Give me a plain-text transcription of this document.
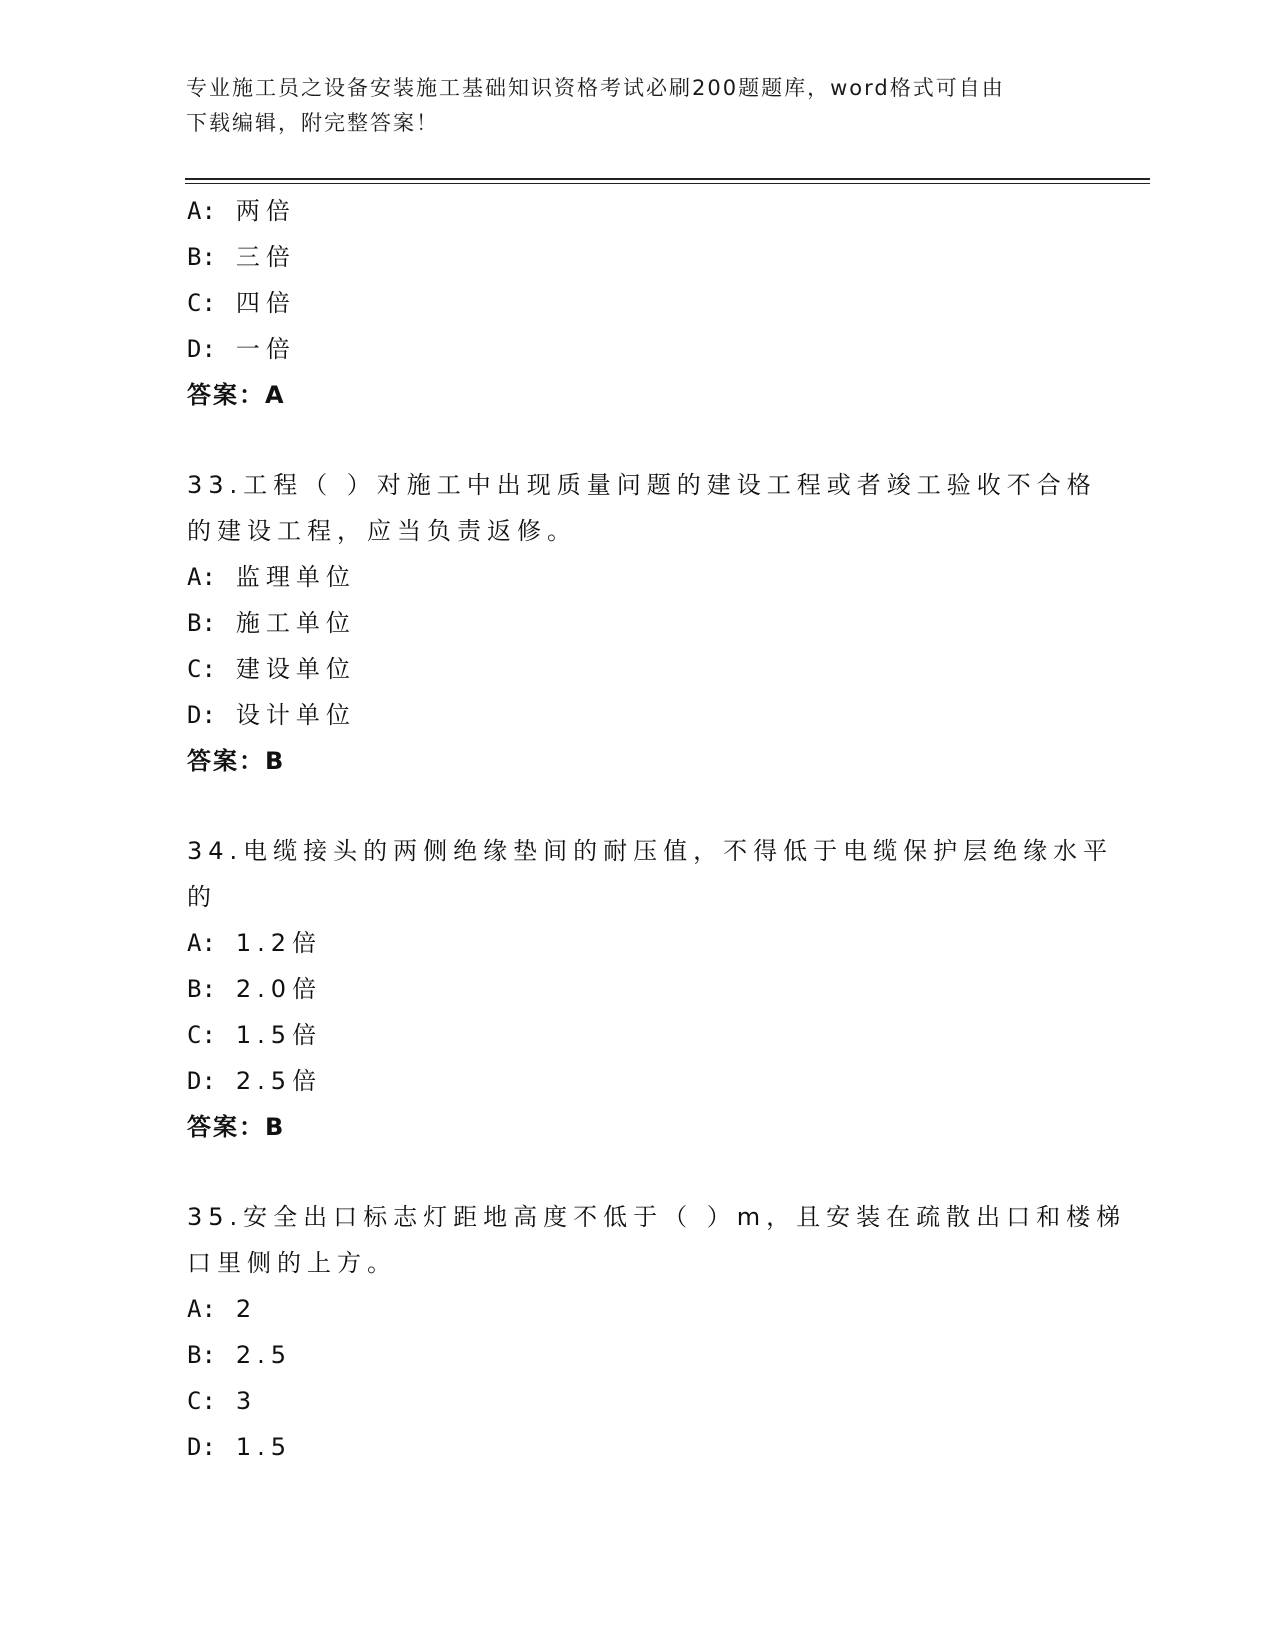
专业施工员之设备安装施工基础知识资格考试必刷200题题库，word格式可自由
下载编辑，附完整答案！
A: 两倍
B: 三倍
C: 四倍
D: 一倍
答案：A
33.工程（ ）对施工中出现质量问题的建设工程或者竣工验收不合格
的建设工程，应当负责返修。
A: 监理单位
B: 施工单位
C: 建设单位
D: 设计单位
答案：B
34.电缆接头的两侧绝缘垫间的耐压值，不得低于电缆保护层绝缘水平
的
A: 1.2倍
B: 2.0倍
C: 1.5倍
D: 2.5倍
答案：B
35.安全出口标志灯距地高度不低于（ ）m，且安装在疏散出口和楼梯
口里侧的上方。
A: 2
B: 2.5
C: 3
D: 1.5
